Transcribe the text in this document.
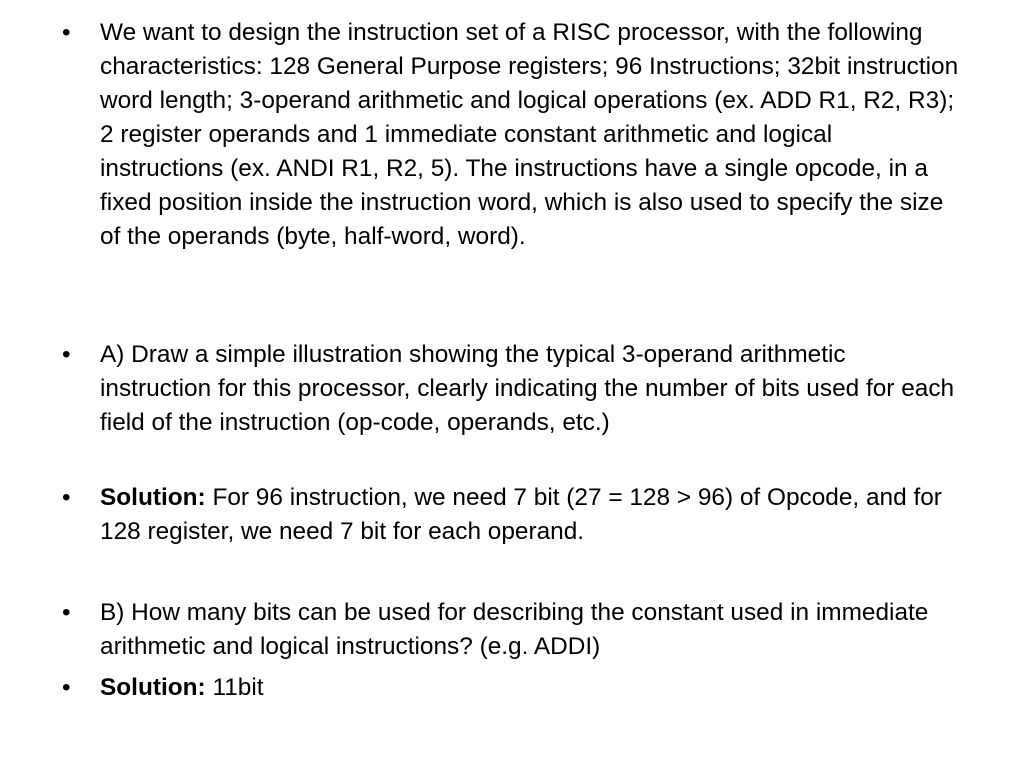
• We want to design the instruction set of a RISC processor, with the following characteristics: 128 General Purpose registers; 96 Instructions; 32bit instruction word length; 3-operand arithmetic and logical operations (ex. ADD R1, R2, R3); 2 register operands and 1 immediate constant arithmetic and logical instructions (ex. ANDI R1, R2, 5). The instructions have a single opcode, in a fixed position inside the instruction word, which is also used to specify the size of the operands (byte, half-word, word).
• A) Draw a simple illustration showing the typical 3-operand arithmetic instruction for this processor, clearly indicating the number of bits used for each field of the instruction (op-code, operands, etc.)
• Solution: For 96 instruction, we need 7 bit (27 = 128 > 96) of Opcode, and for 128 register, we need 7 bit for each operand.
• B) How many bits can be used for describing the constant used in immediate arithmetic and logical instructions? (e.g. ADDI)
• Solution: 11bit
